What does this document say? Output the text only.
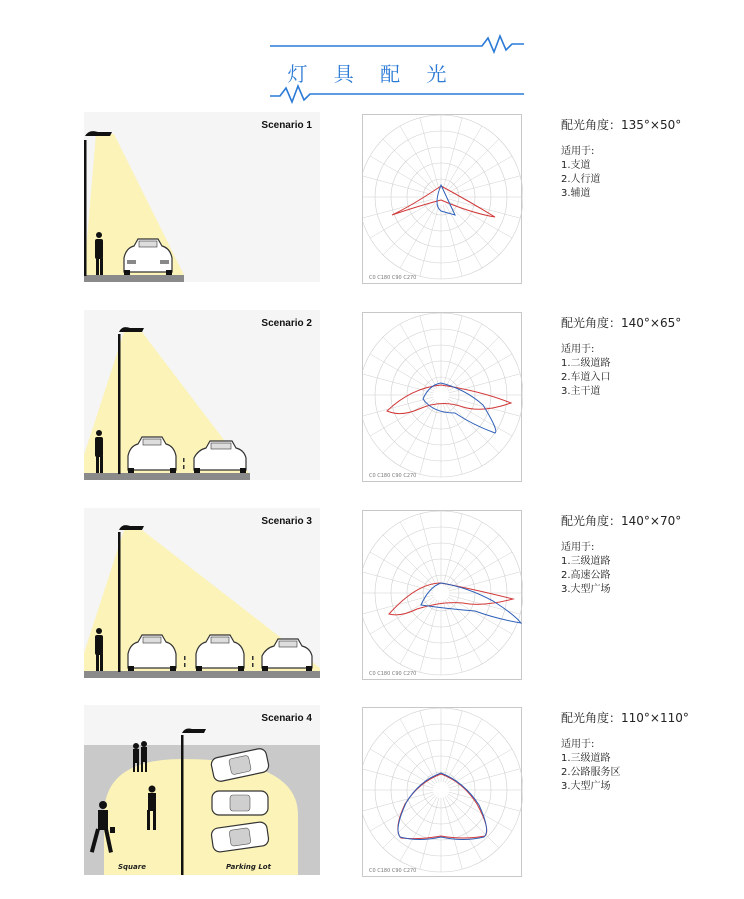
灯 具 配 光
Scenario 1
C0 C180 C90 C270
配光角度：135°×50°
适用于:
1.支道
2.人行道
3.辅道
Scenario 2
C0 C180 C90 C270
配光角度：140°×65°
适用于:
1.二级道路
2.车道入口
3.主干道
Scenario 3
C0 C180 C90 C270
配光角度：140°×70°
适用于:
1.三级道路
2.高速公路
3.大型广场
Scenario 4
Square	Parking Lot	C0 C180 C90 C270
配光角度：110°×110°
适用于:
1.三级道路
2.公路服务区
3.大型广场
